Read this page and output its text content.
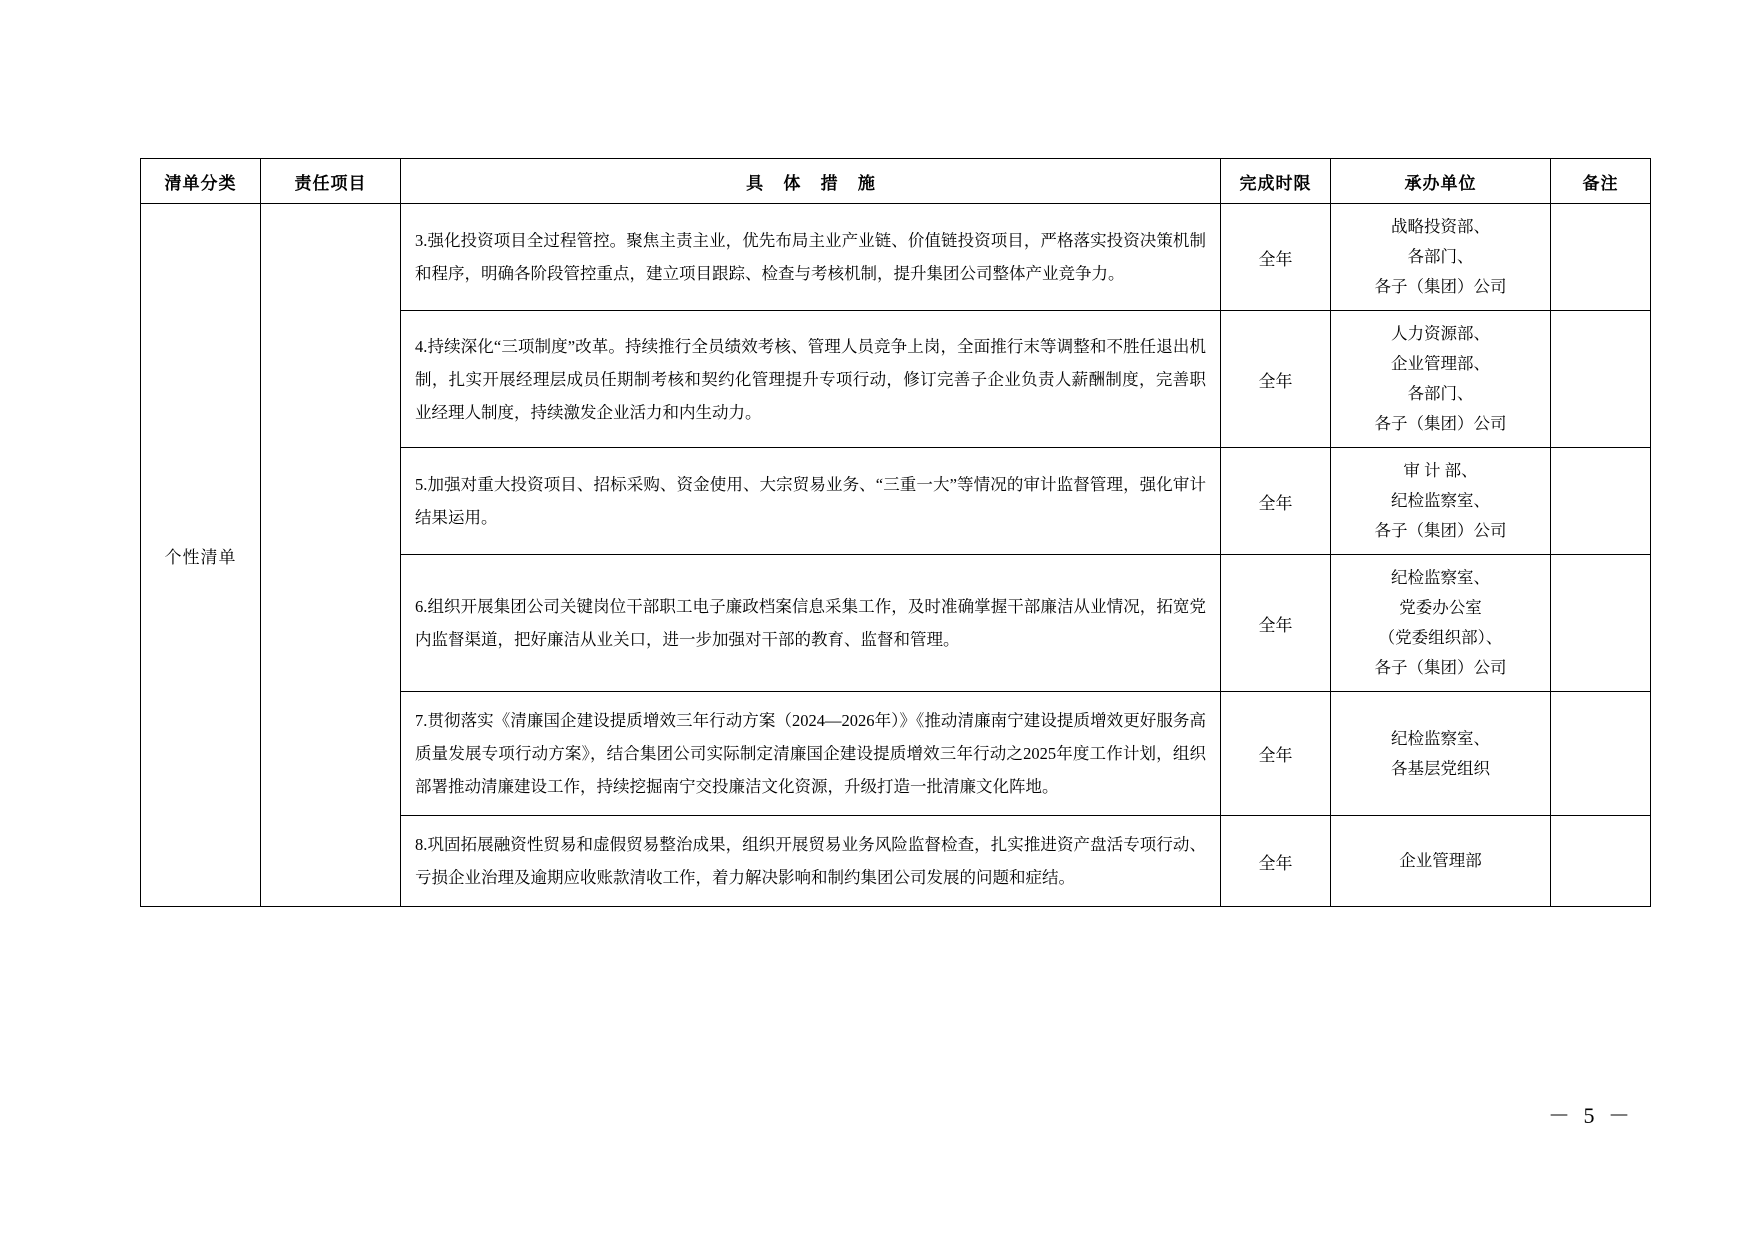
清单分类	责任项目	具 体 措 施	完成时限	承办单位	备注
个性清单		3.强化投资项目全过程管控。聚焦主责主业，优先布局主业产业链、价值链投资项目，严格落实投资决策机制和程序，明确各阶段管控重点，建立项目跟踪、检查与考核机制，提升集团公司整体产业竞争力。	全年	战略投资部、
各部门、
各子（集团）公司	

		4.持续深化“三项制度”改革。持续推行全员绩效考核、管理人员竞争上岗，全面推行末等调整和不胜任退出机制，扎实开展经理层成员任期制考核和契约化管理提升专项行动，修订完善子企业负责人薪酬制度，完善职业经理人制度，持续激发企业活力和内生动力。	全年	人力资源部、
企业管理部、
各部门、
各子（集团）公司	

		5.加强对重大投资项目、招标采购、资金使用、大宗贸易业务、“三重一大”等情况的审计监督管理，强化审计结果运用。	全年	审 计 部、
纪检监察室、
各子（集团）公司	

		6.组织开展集团公司关键岗位干部职工电子廉政档案信息采集工作，及时准确掌握干部廉洁从业情况，拓宽党内监督渠道，把好廉洁从业关口，进一步加强对干部的教育、监督和管理。	全年	纪检监察室、
党委办公室
（党委组织部）、
各子（集团）公司	

		7.贯彻落实《清廉国企建设提质增效三年行动方案（2024—2026年）》《推动清廉南宁建设提质增效更好服务高质量发展专项行动方案》，结合集团公司实际制定清廉国企建设提质增效三年行动之2025年度工作计划，组织部署推动清廉建设工作，持续挖掘南宁交投廉洁文化资源，升级打造一批清廉文化阵地。	全年	纪检监察室、
各基层党组织	

		8.巩固拓展融资性贸易和虚假贸易整治成果，组织开展贸易业务风险监督检查，扎实推进资产盘活专项行动、亏损企业治理及逾期应收账款清收工作，着力解决影响和制约集团公司发展的问题和症结。	全年	企业管理部	

－ 5 －
